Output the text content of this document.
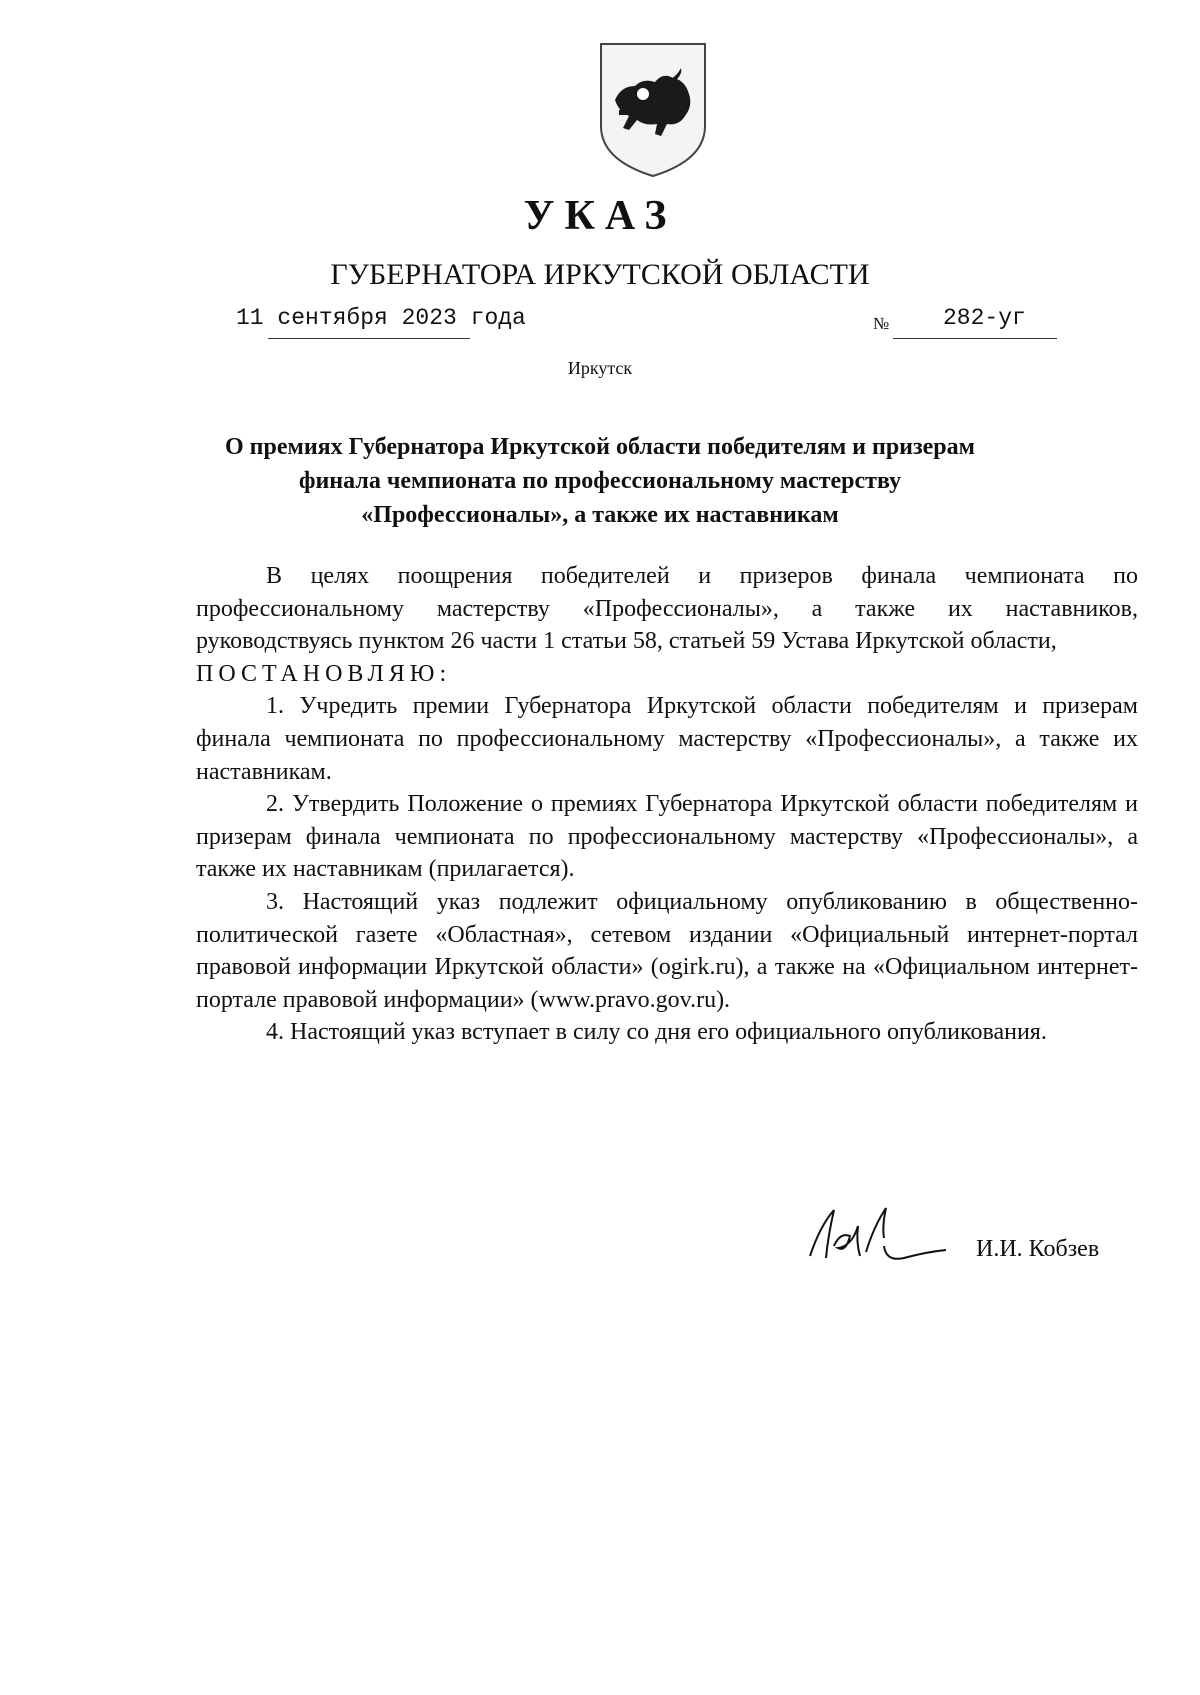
УКАЗ
ГУБЕРНАТОРА ИРКУТСКОЙ ОБЛАСТИ
11 сентября 2023 года	№ 282-уг
Иркутск
О премиях Губернатора Иркутской области победителям и призерам финала чемпионата по профессиональному мастерству «Профессионалы», а также их наставникам

В целях поощрения победителей и призеров финала чемпионата по профессиональному мастерству «Профессионалы», а также их наставников, руководствуясь пунктом 26 части 1 статьи 58, статьей 59 Устава Иркутской области,

ПОСТАНОВЛЯЮ:

1. Учредить премии Губернатора Иркутской области победителям и призерам финала чемпионата по профессиональному мастерству «Профессионалы», а также их наставникам.

2. Утвердить Положение о премиях Губернатора Иркутской области победителям и призерам финала чемпионата по профессиональному мастерству «Профессионалы», а также их наставникам (прилагается).

3. Настоящий указ подлежит официальному опубликованию в общественно-политической газете «Областная», сетевом издании «Официальный интернет-портал правовой информации Иркутской области» (ogirk.ru), а также на «Официальном интернет-портале правовой информации» (www.pravo.gov.ru).

4. Настоящий указ вступает в силу со дня его официального опубликования.

И.И. Кобзев
